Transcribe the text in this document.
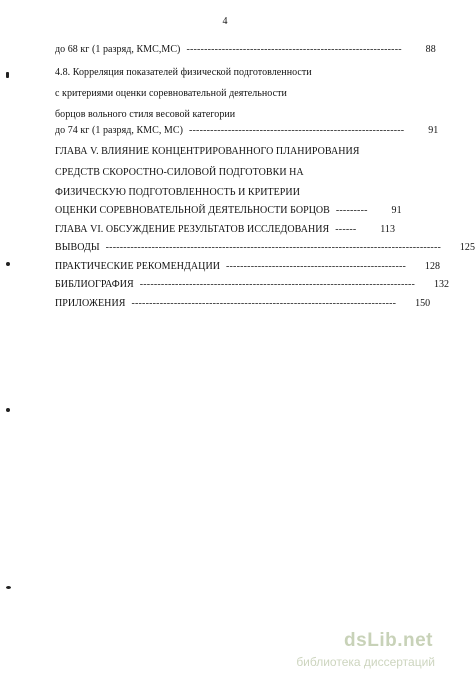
4
до 68 кг (1 разряд, КМС,МС) -------------------------------------------------------------	88
4.8. Корреляция показателей физической подготовленности
с критериями оценки соревновательной деятельности
борцов вольного стиля весовой категории
до 74 кг (1 разряд, КМС, МС) -------------------------------------------------------------	91
ГЛАВА V. ВЛИЯНИЕ КОНЦЕНТРИРОВАННОГО ПЛАНИРОВАНИЯ
СРЕДСТВ СКОРОСТНО-СИЛОВОЙ ПОДГОТОВКИ НА
ФИЗИЧЕСКУЮ ПОДГОТОВЛЕННОСТЬ И КРИТЕРИИ
ОЦЕНКИ СОРЕВНОВАТЕЛЬНОЙ ДЕЯТЕЛЬНОСТИ БОРЦОВ ---------	91
ГЛАВА VI. ОБСУЖДЕНИЕ РЕЗУЛЬТАТОВ ИССЛЕДОВАНИЯ ------	113
ВЫВОДЫ -----------------------------------------------------------------------------------------------	125
ПРАКТИЧЕСКИЕ РЕКОМЕНДАЦИИ ---------------------------------------------------	128
БИБЛИОГРАФИЯ ------------------------------------------------------------------------------	132
ПРИЛОЖЕНИЯ ---------------------------------------------------------------------------	150
dsLib.net
библиотека диссертаций
